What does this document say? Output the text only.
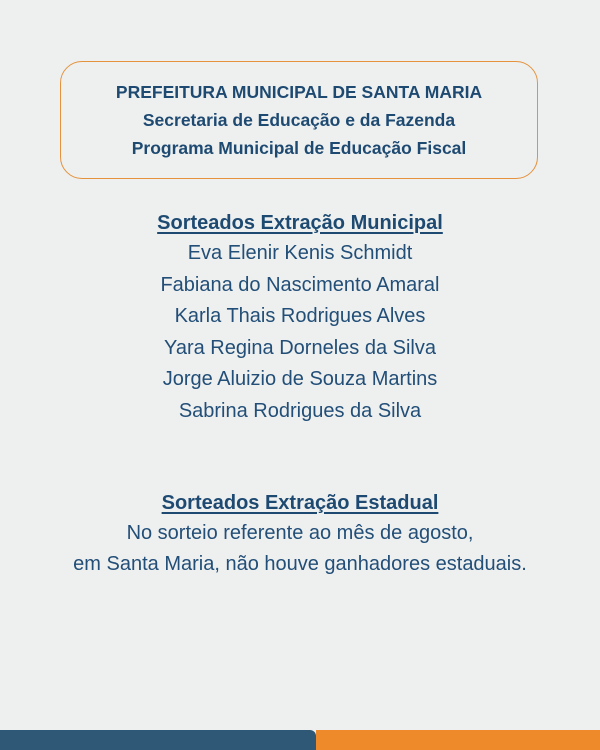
PREFEITURA MUNICIPAL DE SANTA MARIA
Secretaria de Educação e da Fazenda
Programa Municipal de Educação Fiscal
Sorteados Extração Municipal
Eva Elenir Kenis Schmidt
Fabiana do Nascimento Amaral
Karla Thais Rodrigues Alves
Yara Regina Dorneles da Silva
Jorge Aluizio de Souza Martins
Sabrina Rodrigues da Silva
Sorteados Extração Estadual
No sorteio referente ao mês de agosto,
em Santa Maria, não houve ganhadores estaduais.
